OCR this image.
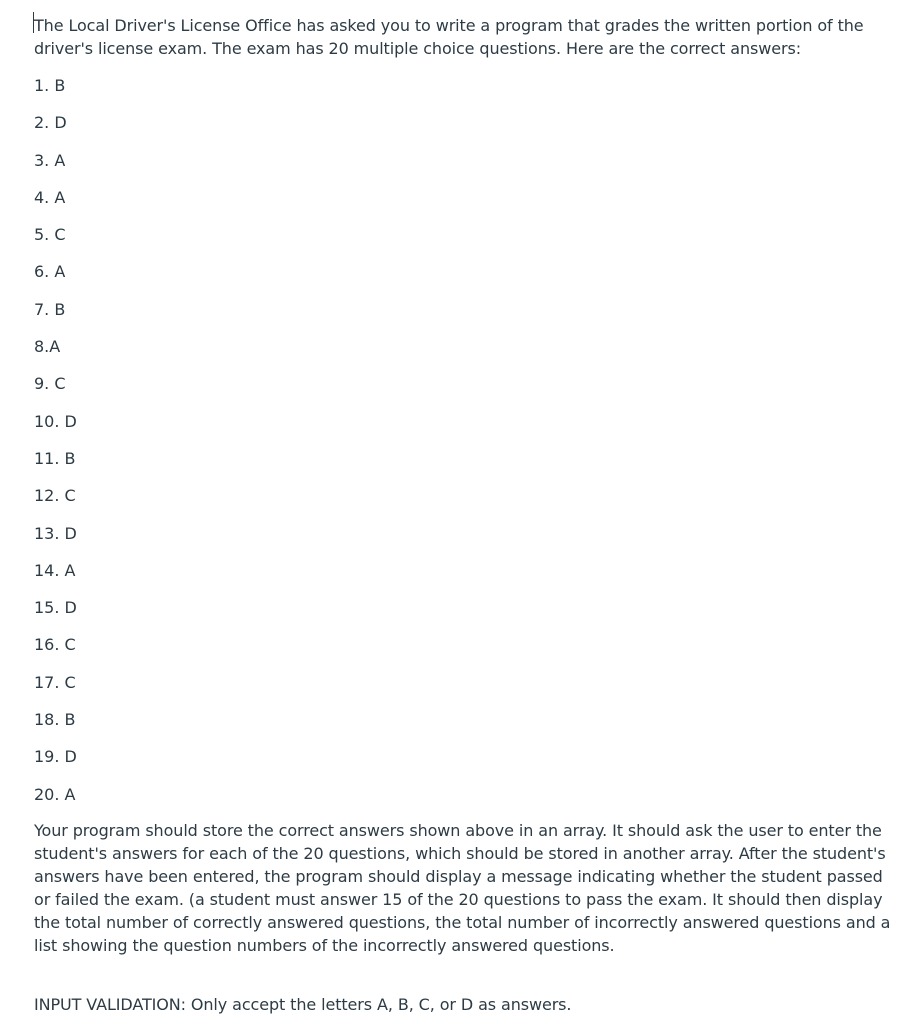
The Local Driver's License Office has asked you to write a program that grades the written portion of the driver's license exam. The exam has 20 multiple choice questions. Here are the correct answers:

1. B
2. D
3. A
4. A
5. C
6. A
7. B
8.A
9. C
10. D
11. B
12. C
13. D
14. A
15. D
16. C
17. C
18. B
19. D
20. A

Your program should store the correct answers shown above in an array. It should ask the user to enter the student's answers for each of the 20 questions, which should be stored in another array. After the student's answers have been entered, the program should display a message indicating whether the student passed or failed the exam. (a student must answer 15 of the 20 questions to pass the exam. It should then display the total number of correctly answered questions, the total number of incorrectly answered questions and a list showing the question numbers of the incorrectly answered questions.

INPUT VALIDATION: Only accept the letters A, B, C, or D as answers.
